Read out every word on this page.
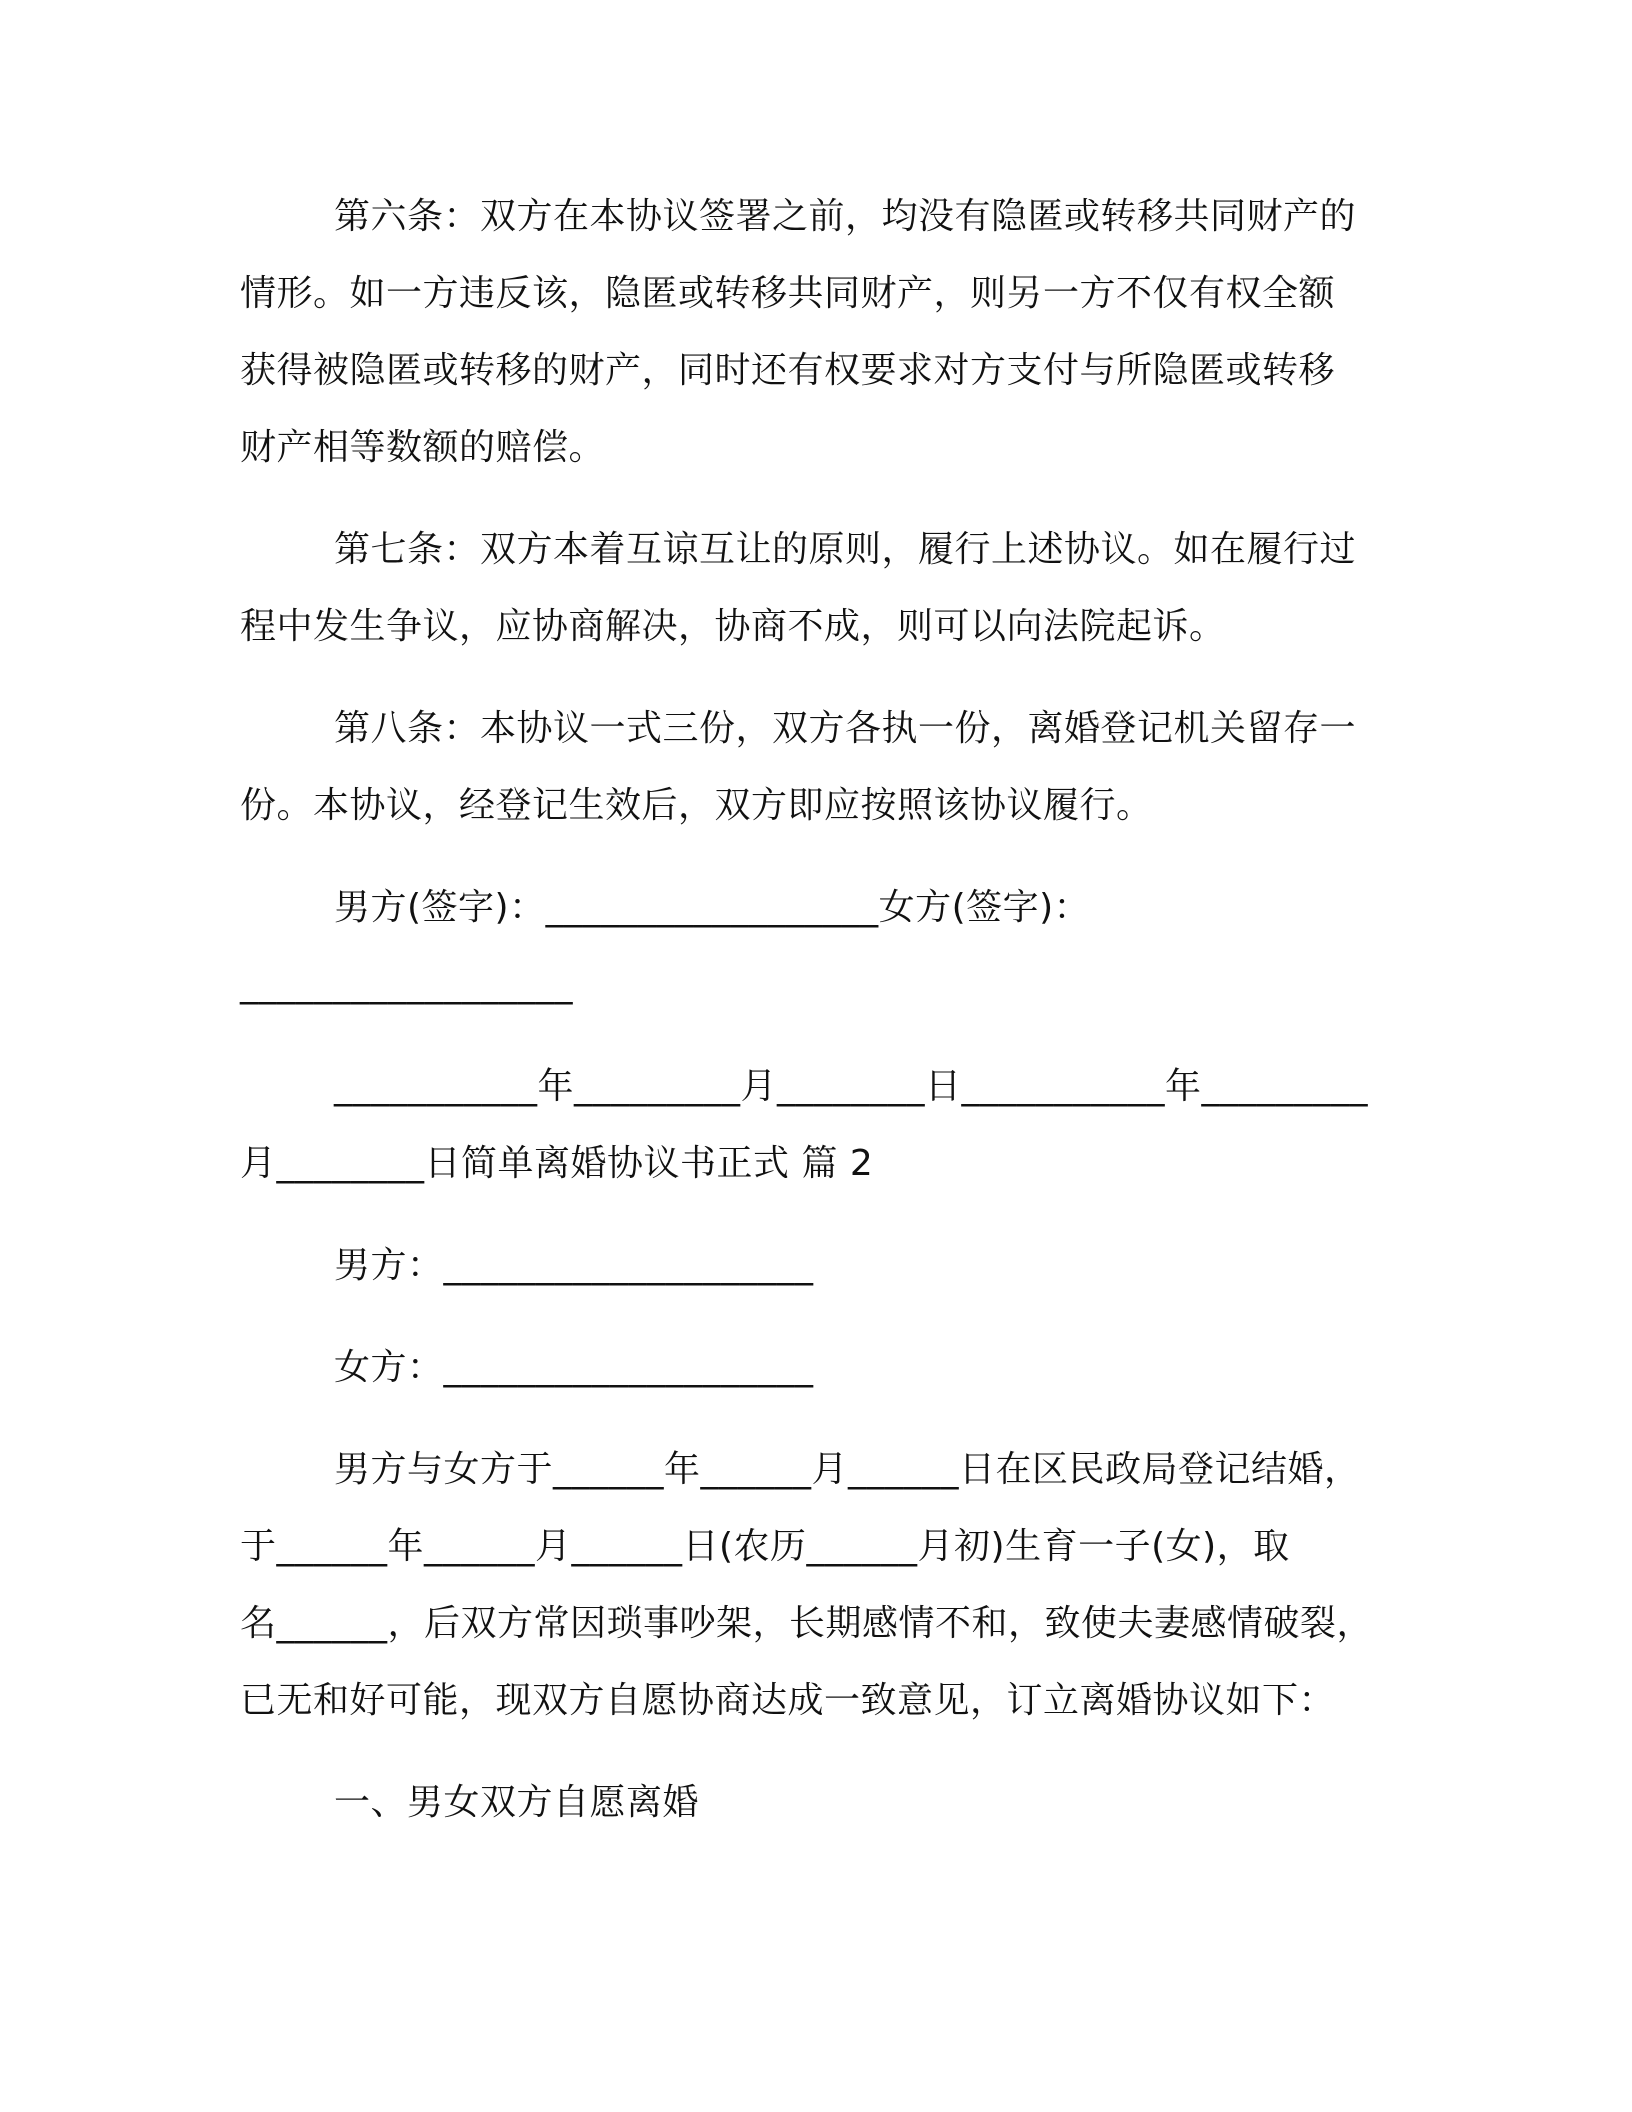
第六条：双方在本协议签署之前，均没有隐匿或转移共同财产的
情形。如一方违反该，隐匿或转移共同财产，则另一方不仅有权全额
获得被隐匿或转移的财产，同时还有权要求对方支付与所隐匿或转移
财产相等数额的赔偿。
第七条：双方本着互谅互让的原则，履行上述协议。如在履行过
程中发生争议，应协商解决，协商不成，则可以向法院起诉。
第八条：本协议一式三份，双方各执一份，离婚登记机关留存一
份。本协议，经登记生效后，双方即应按照该协议履行。
男方(签字)：__________________女方(签字)：
__________________
___________年_________月________日___________年_________
月________日简单离婚协议书正式 篇 2
男方：____________________
女方：____________________
男方与女方于______年______月______日在区民政局登记结婚，
于______年______月______日(农历______月初)生育一子(女)，取
名______，后双方常因琐事吵架，长期感情不和，致使夫妻感情破裂，
已无和好可能，现双方自愿协商达成一致意见，订立离婚协议如下：
一、男女双方自愿离婚
